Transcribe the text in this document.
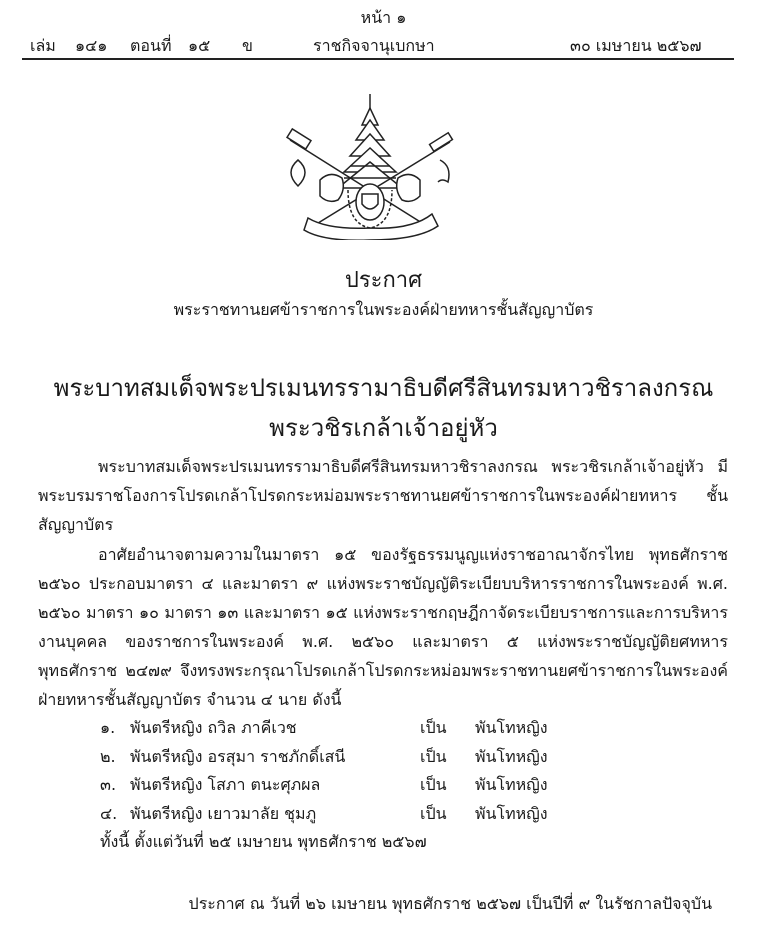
หน้า ๑
เล่ม ๑๔๑ ตอนที่ ๑๕ ข	ราชกิจจานุเบกษา	๓๐ เมษายน ๒๕๖๗
ประกาศ
พระราชทานยศข้าราชการในพระองค์ฝ่ายทหารชั้นสัญญาบัตร
พระบาทสมเด็จพระปรเมนทรรามาธิบดีศรีสินทรมหาวชิราลงกรณ
พระวชิรเกล้าเจ้าอยู่หัว
พระบาทสมเด็จพระปรเมนทรรามาธิบดีศรีสินทรมหาวชิราลงกรณ พระวชิรเกล้าเจ้าอยู่หัว มีพระบรมราชโองการโปรดเกล้าโปรดกระหม่อมพระราชทานยศข้าราชการในพระองค์ฝ่ายทหาร ชั้นสัญญาบัตร
อาศัยอำนาจตามความในมาตรา ๑๕ ของรัฐธรรมนูญแห่งราชอาณาจักรไทย พุทธศักราช ๒๕๖๐ ประกอบมาตรา ๔ และมาตรา ๙ แห่งพระราชบัญญัติระเบียบบริหารราชการในพระองค์ พ.ศ. ๒๕๖๐ มาตรา ๑๐ มาตรา ๑๓ และมาตรา ๑๕ แห่งพระราชกฤษฎีกาจัดระเบียบราชการและการบริหารงานบุคคล ของราชการในพระองค์ พ.ศ. ๒๕๖๐ และมาตรา ๕ แห่งพระราชบัญญัติยศทหาร พุทธศักราช ๒๔๗๙ จึงทรงพระกรุณาโปรดเกล้าโปรดกระหม่อมพระราชทานยศข้าราชการในพระองค์ฝ่ายทหารชั้นสัญญาบัตร จำนวน ๔ นาย ดังนี้
๑. พันตรีหญิง ถวิล ภาคีเวช	เป็น พันโทหญิง
๒. พันตรีหญิง อรสุมา ราชภักดิ์เสนี	เป็น พันโทหญิง
๓. พันตรีหญิง โสภา ตนะศุภผล	เป็น พันโทหญิง
๔. พันตรีหญิง เยาวมาลัย ชุมภู	เป็น พันโทหญิง
ทั้งนี้ ตั้งแต่วันที่ ๒๕ เมษายน พุทธศักราช ๒๕๖๗
ประกาศ ณ วันที่ ๒๖ เมษายน พุทธศักราช ๒๕๖๗ เป็นปีที่ ๙ ในรัชกาลปัจจุบัน
